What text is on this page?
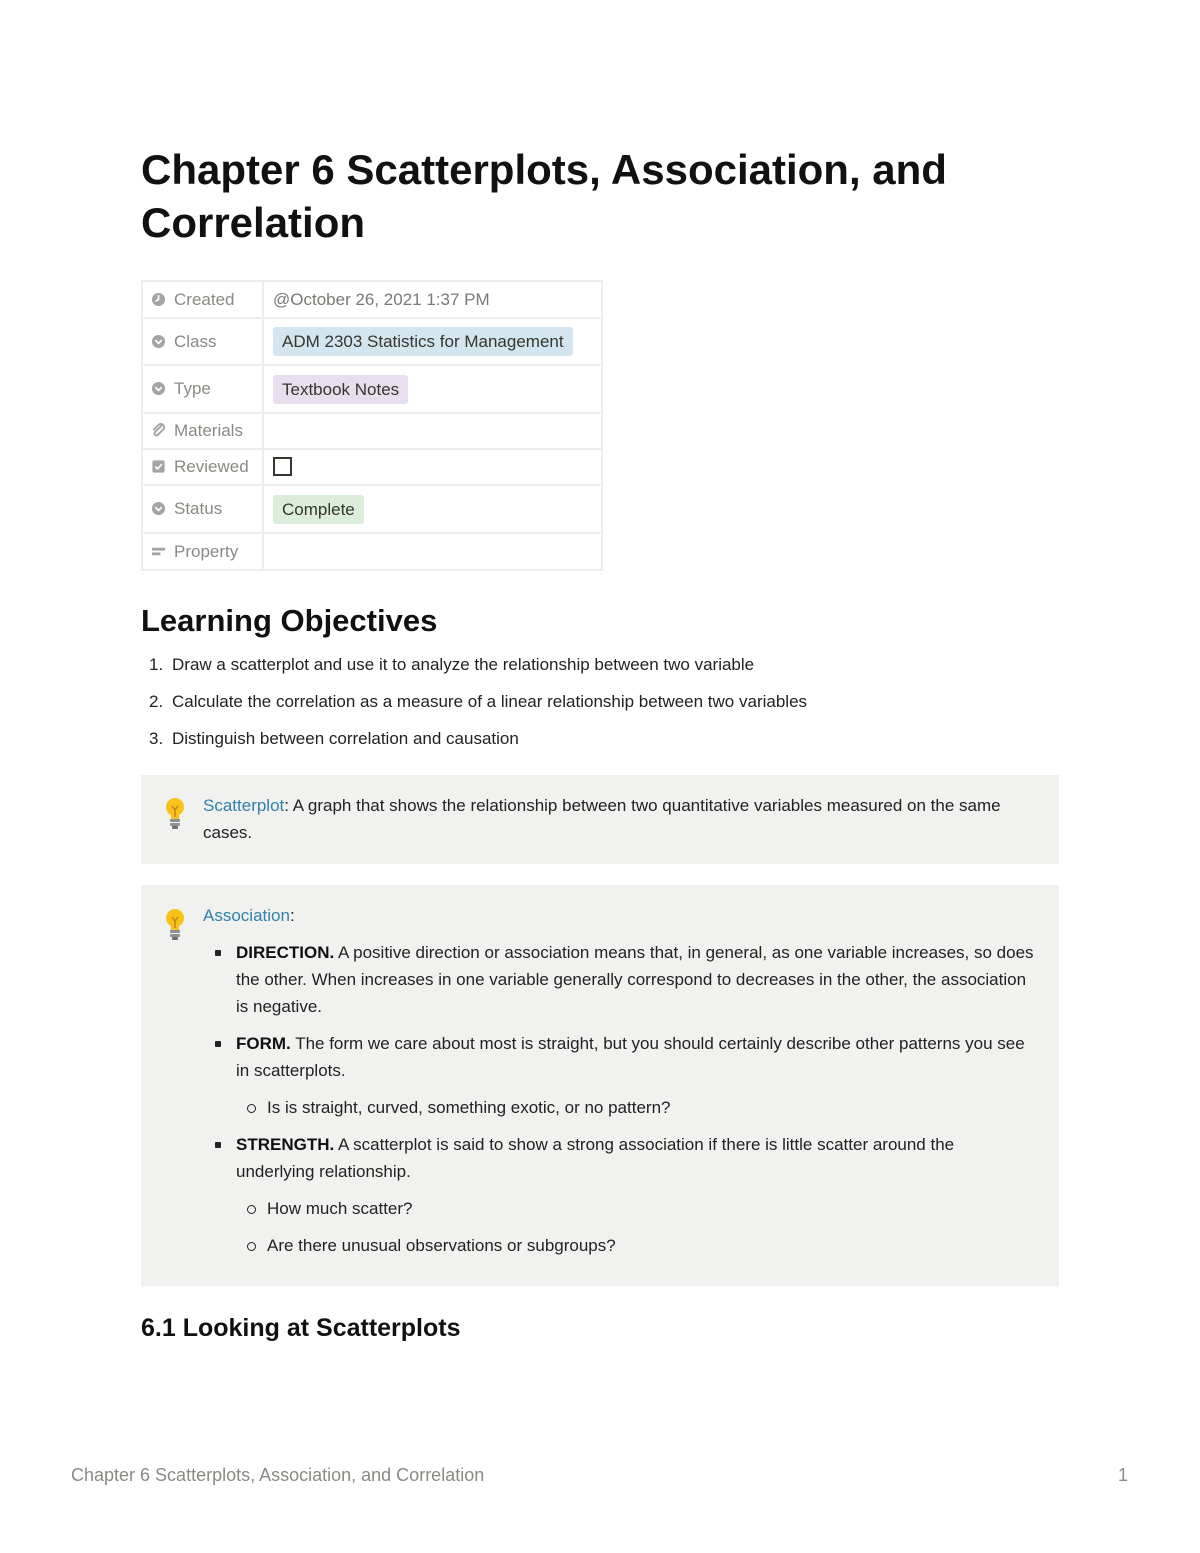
Chapter 6 Scatterplots, Association, and Correlation
Created	@October 26, 2021 1:37 PM
Class	ADM 2303 Statistics for Management
Type	Textbook Notes
Materials	
Reviewed	
Status	Complete
Property	
Learning Objectives
1. Draw a scatterplot and use it to analyze the relationship between two variable
2. Calculate the correlation as a measure of a linear relationship between two variables
3. Distinguish between correlation and causation
Scatterplot: A graph that shows the relationship between two quantitative variables measured on the same cases.
Association:
DIRECTION. A positive direction or association means that, in general, as one variable increases, so does the other. When increases in one variable generally correspond to decreases in the other, the association is negative.
FORM. The form we care about most is straight, but you should certainly describe other patterns you see in scatterplots.
Is is straight, curved, something exotic, or no pattern?
STRENGTH. A scatterplot is said to show a strong association if there is little scatter around the underlying relationship.
How much scatter?
Are there unusual observations or subgroups?
6.1 Looking at Scatterplots
Chapter 6 Scatterplots, Association, and Correlation	1
